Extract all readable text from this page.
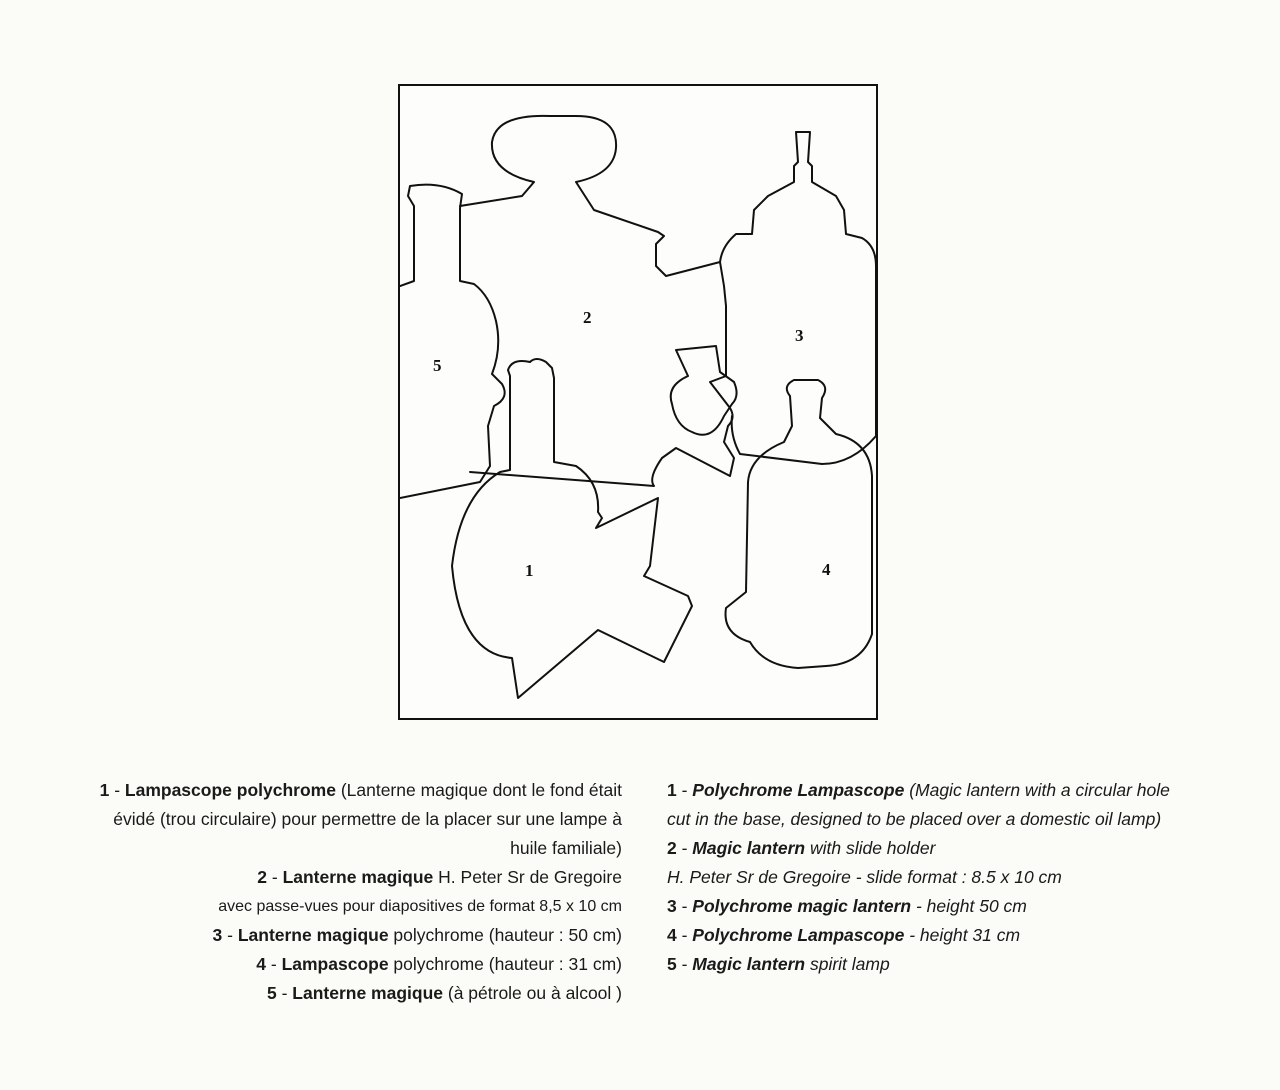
5
2
3
1	4
1 - Lampascope polychrome (Lanterne magique dont le fond était
évidé (trou circulaire) pour permettre de la placer sur une lampe à
huile familiale)
2 - Lanterne magique H. Peter Sr de Gregoire
avec passe-vues pour diapositives de format 8,5 x 10 cm
3 - Lanterne magique polychrome (hauteur : 50 cm)
4 - Lampascope polychrome (hauteur : 31 cm)
5 - Lanterne magique (à pétrole ou à alcool )
1 - Polychrome Lampascope (Magic lantern with a circular hole
cut in the base, designed to be placed over a domestic oil lamp)
2 - Magic lantern with slide holder
H. Peter Sr de Gregoire - slide format : 8.5 x 10 cm
3 - Polychrome magic lantern - height 50 cm
4 - Polychrome Lampascope - height 31 cm
5 - Magic lantern spirit lamp
